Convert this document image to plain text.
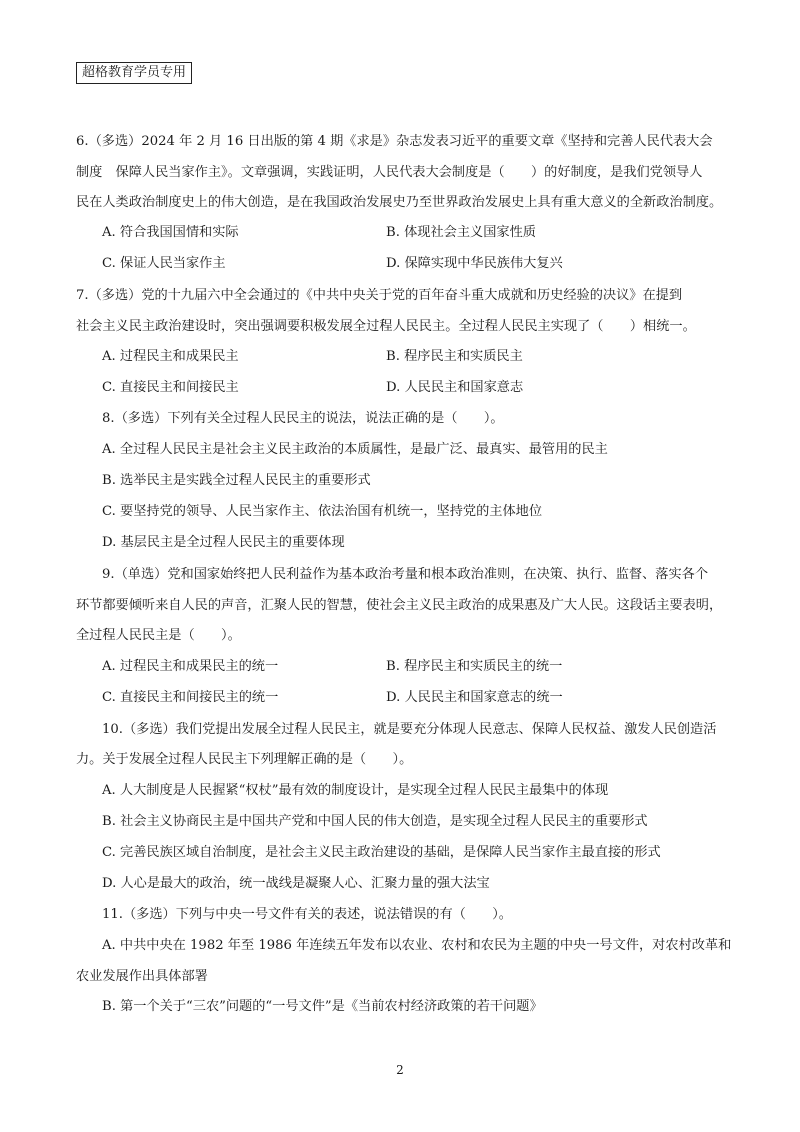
超格教育学员专用
6.（多选）2024 年 2 月 16 日出版的第 4 期《求是》杂志发表习近平的重要文章《坚持和完善人民代表大会
制度　保障人民当家作主》。文章强调，实践证明，人民代表大会制度是（　　）的好制度，是我们党领导人
民在人类政治制度史上的伟大创造，是在我国政治发展史乃至世界政治发展史上具有重大意义的全新政治制度。
A. 符合我国国情和实际	B. 体现社会主义国家性质
C. 保证人民当家作主	D. 保障实现中华民族伟大复兴
7.（多选）党的十九届六中全会通过的《中共中央关于党的百年奋斗重大成就和历史经验的决议》在提到
社会主义民主政治建设时，突出强调要积极发展全过程人民民主。全过程人民民主实现了（　　）相统一。
A. 过程民主和成果民主	B. 程序民主和实质民主
C. 直接民主和间接民主	D. 人民民主和国家意志
8.（多选）下列有关全过程人民民主的说法，说法正确的是（　　）。
A. 全过程人民民主是社会主义民主政治的本质属性，是最广泛、最真实、最管用的民主
B. 选举民主是实践全过程人民民主的重要形式
C. 要坚持党的领导、人民当家作主、依法治国有机统一，坚持党的主体地位
D. 基层民主是全过程人民民主的重要体现
9.（单选）党和国家始终把人民利益作为基本政治考量和根本政治准则，在决策、执行、监督、落实各个
环节都要倾听来自人民的声音，汇聚人民的智慧，使社会主义民主政治的成果惠及广大人民。这段话主要表明，
全过程人民民主是（　　）。
A. 过程民主和成果民主的统一	B. 程序民主和实质民主的统一
C. 直接民主和间接民主的统一	D. 人民民主和国家意志的统一
10.（多选）我们党提出发展全过程人民民主，就是要充分体现人民意志、保障人民权益、激发人民创造活
力。关于发展全过程人民民主下列理解正确的是（　　）。
A. 人大制度是人民握紧“权杖”最有效的制度设计，是实现全过程人民民主最集中的体现
B. 社会主义协商民主是中国共产党和中国人民的伟大创造，是实现全过程人民民主的重要形式
C. 完善民族区域自治制度，是社会主义民主政治建设的基础，是保障人民当家作主最直接的形式
D. 人心是最大的政治，统一战线是凝聚人心、汇聚力量的强大法宝
11.（多选）下列与中央一号文件有关的表述，说法错误的有（　　）。
A. 中共中央在 1982 年至 1986 年连续五年发布以农业、农村和农民为主题的中央一号文件，对农村改革和
农业发展作出具体部署
B. 第一个关于“三农”问题的“一号文件”是《当前农村经济政策的若干问题》
2
